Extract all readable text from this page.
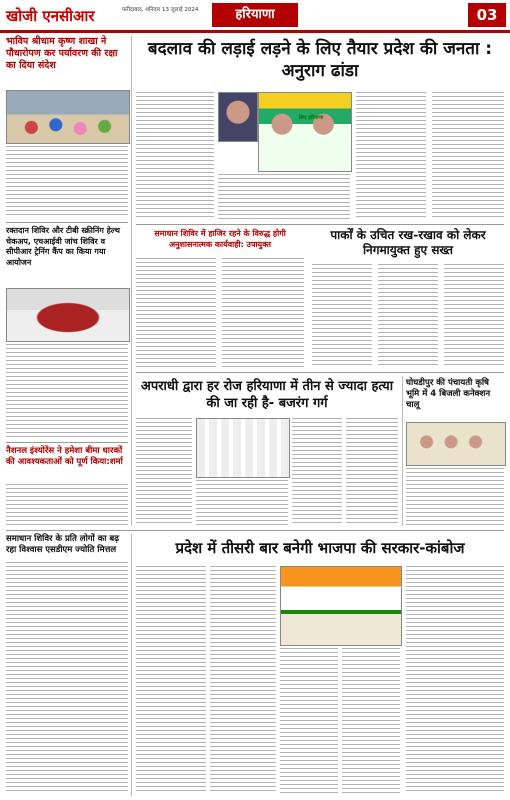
खोजी एनसीआर	फरीदाबाद, शनिवार 13 जुलाई 2024	हरियाणा	03
भाविप श्रीधाम कृष्ण शाखा ने पौधारोपण कर पर्यावरण की रक्षा का दिया संदेश
रक्तदान शिविर और टीबी स्क्रीनिंग हेल्थ चेकअप, एचआईवी जांच शिविर व सीपीआर ट्रेनिंग कैंप का किया गया आयोजन
नैशनल इंश्योरेंस ने हमेशा बीमा धारकों की आवश्यकताओं को पूर्ण किया:शर्मा
बदलाव की लड़ाई लड़ने के लिए तैयार प्रदेश की जनता : अनुराग ढांडा
लिए हरियाणा
समाधान शिविर में हाजिर रहने के विरुद्ध होगी अनुशासनात्मक कार्यवाही: उपायुक्त
पार्कों के उचित रख-रखाव को लेकर निगमायुक्त हुए सख्त
अपराधी द्वारा हर रोज हरियाणा में तीन से ज्यादा हत्या की जा रही है- बजरंग गर्ग
घोघडीपुर की पंचायती कृषि भूमि में 4 बिजली कनेक्शन चालू
समाधान शिविर के प्रति लोगों का बढ़ रहा विश्वास एसडीएम ज्योति मित्तल	प्रदेश में तीसरी बार बनेगी भाजपा की सरकार-कांबोज
